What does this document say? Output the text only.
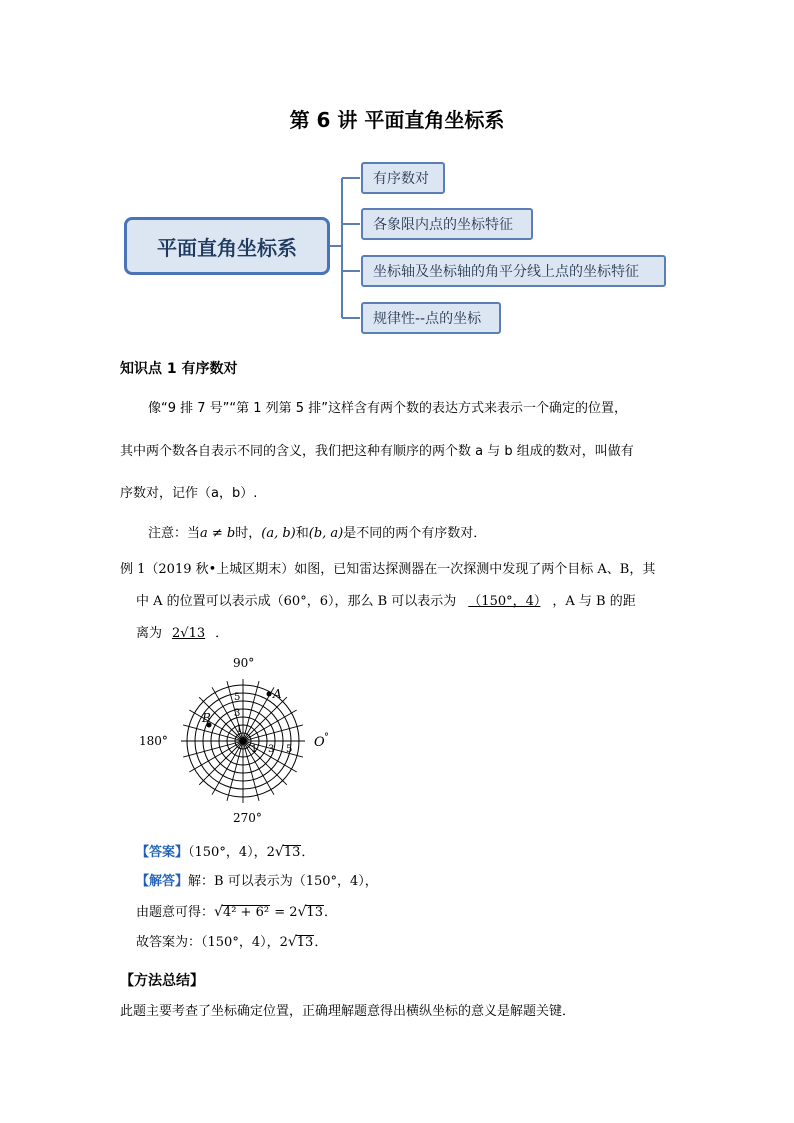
第 6 讲 平面直角坐标系
平面直角坐标系
有序数对
各象限内点的坐标特征
坐标轴及坐标轴的角平分线上点的坐标特征
规律性--点的坐标
知识点 1 有序数对
像“9 排 7 号”“第 1 列第 5 排”这样含有两个数的表达方式来表示一个确定的位置，
其中两个数各自表示不同的含义，我们把这种有顺序的两个数 a 与 b 组成的数对，叫做有
序数对，记作（a，b）.
注意：当a ≠ b时，(a, b)和(b, a)是不同的两个有序数对．
例 1（2019 秋•上城区期末）如图，已知雷达探测器在一次探测中发现了两个目标 A、B，其
中 A 的位置可以表示成（60°，6），那么 B 可以表示为 （150°，4） ，A 与 B 的距
离为 2√13 ．
90°
180°	O °
270°
A
B
1 3 5
1
3
5
【答案】（150°，4），2√13．
【解答】解：B 可以表示为（150°，4），
由题意可得：√4² + 6² = 2√13．
故答案为：（150°，4），2√13．
【方法总结】
此题主要考查了坐标确定位置，正确理解题意得出横纵坐标的意义是解题关键．
